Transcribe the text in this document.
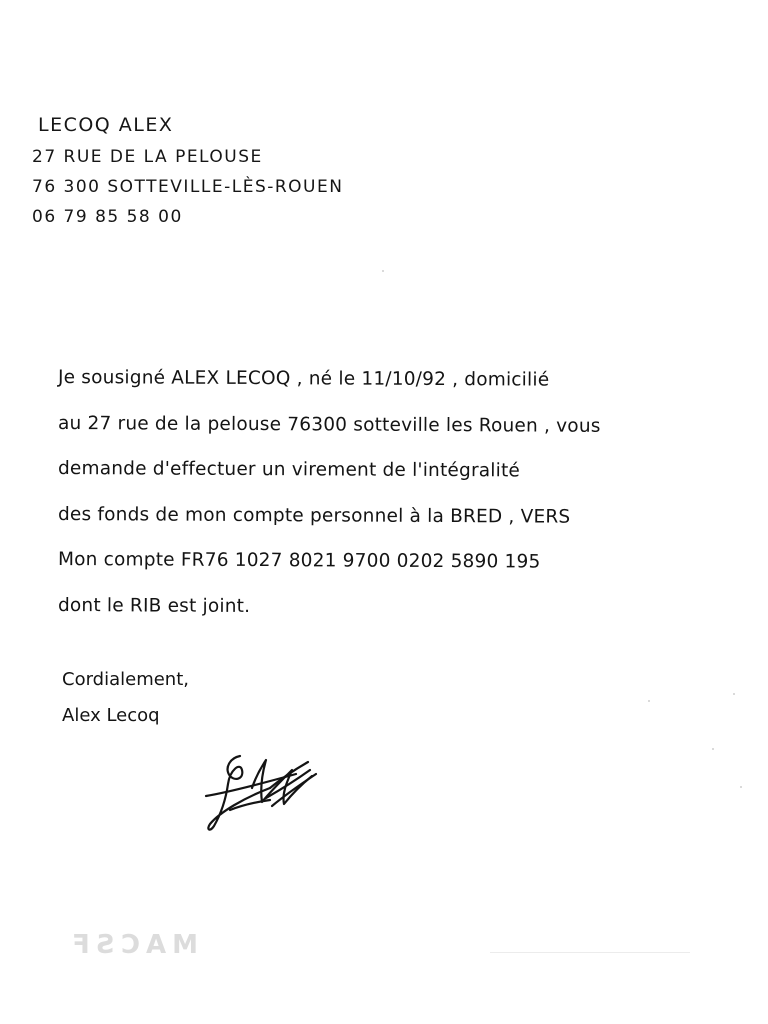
LECOQ ALEX
27 RUE DE LA PELOUSE
76 300 SOTTEVILLE-LÈS-ROUEN
06 79 85 58 00
Je sousigné ALEX LECOQ , né le 11/10/92 , domicilié
au 27 rue de la pelouse 76300 sotteville les Rouen , vous
demande d'effectuer un virement de l'intégralité
des fonds de mon compte personnel à la BRED , VERS
Mon compte FR76 1027 8021 9700 0202 5890 195
dont le RIB est joint.
Cordialement,
Alex Lecoq
MACSF
